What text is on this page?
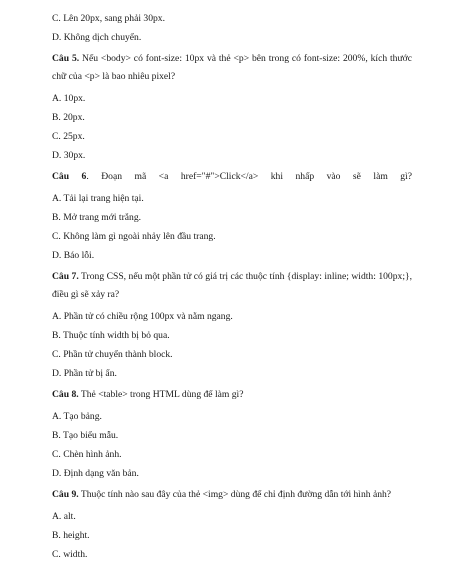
C. Lên 20px, sang phải 30px.
D. Không dịch chuyển.
Câu 5. Nếu <body> có font-size: 10px và thẻ <p> bên trong có font-size: 200%, kích thước chữ của <p> là bao nhiêu pixel?
A. 10px.
B. 20px.
C. 25px.
D. 30px.
Câu 6. Đoạn mã <a href="#">Click</a> khi nhấp vào sẽ làm gì?
A. Tải lại trang hiện tại.
B. Mở trang mới trắng.
C. Không làm gì ngoài nhảy lên đầu trang.
D. Báo lỗi.
Câu 7. Trong CSS, nếu một phần tử có giá trị các thuộc tính {display: inline; width: 100px;}, điều gì sẽ xảy ra?
A. Phần tử có chiều rộng 100px và nằm ngang.
B. Thuộc tính width bị bỏ qua.
C. Phần tử chuyển thành block.
D. Phần tử bị ẩn.
Câu 8. Thẻ <table> trong HTML dùng để làm gì?
A. Tạo bảng.
B. Tạo biểu mẫu.
C. Chèn hình ảnh.
D. Định dạng văn bản.
Câu 9. Thuộc tính nào sau đây của thẻ <img> dùng để chỉ định đường dẫn tới hình ảnh?
A. alt.
B. height.
C. width.
